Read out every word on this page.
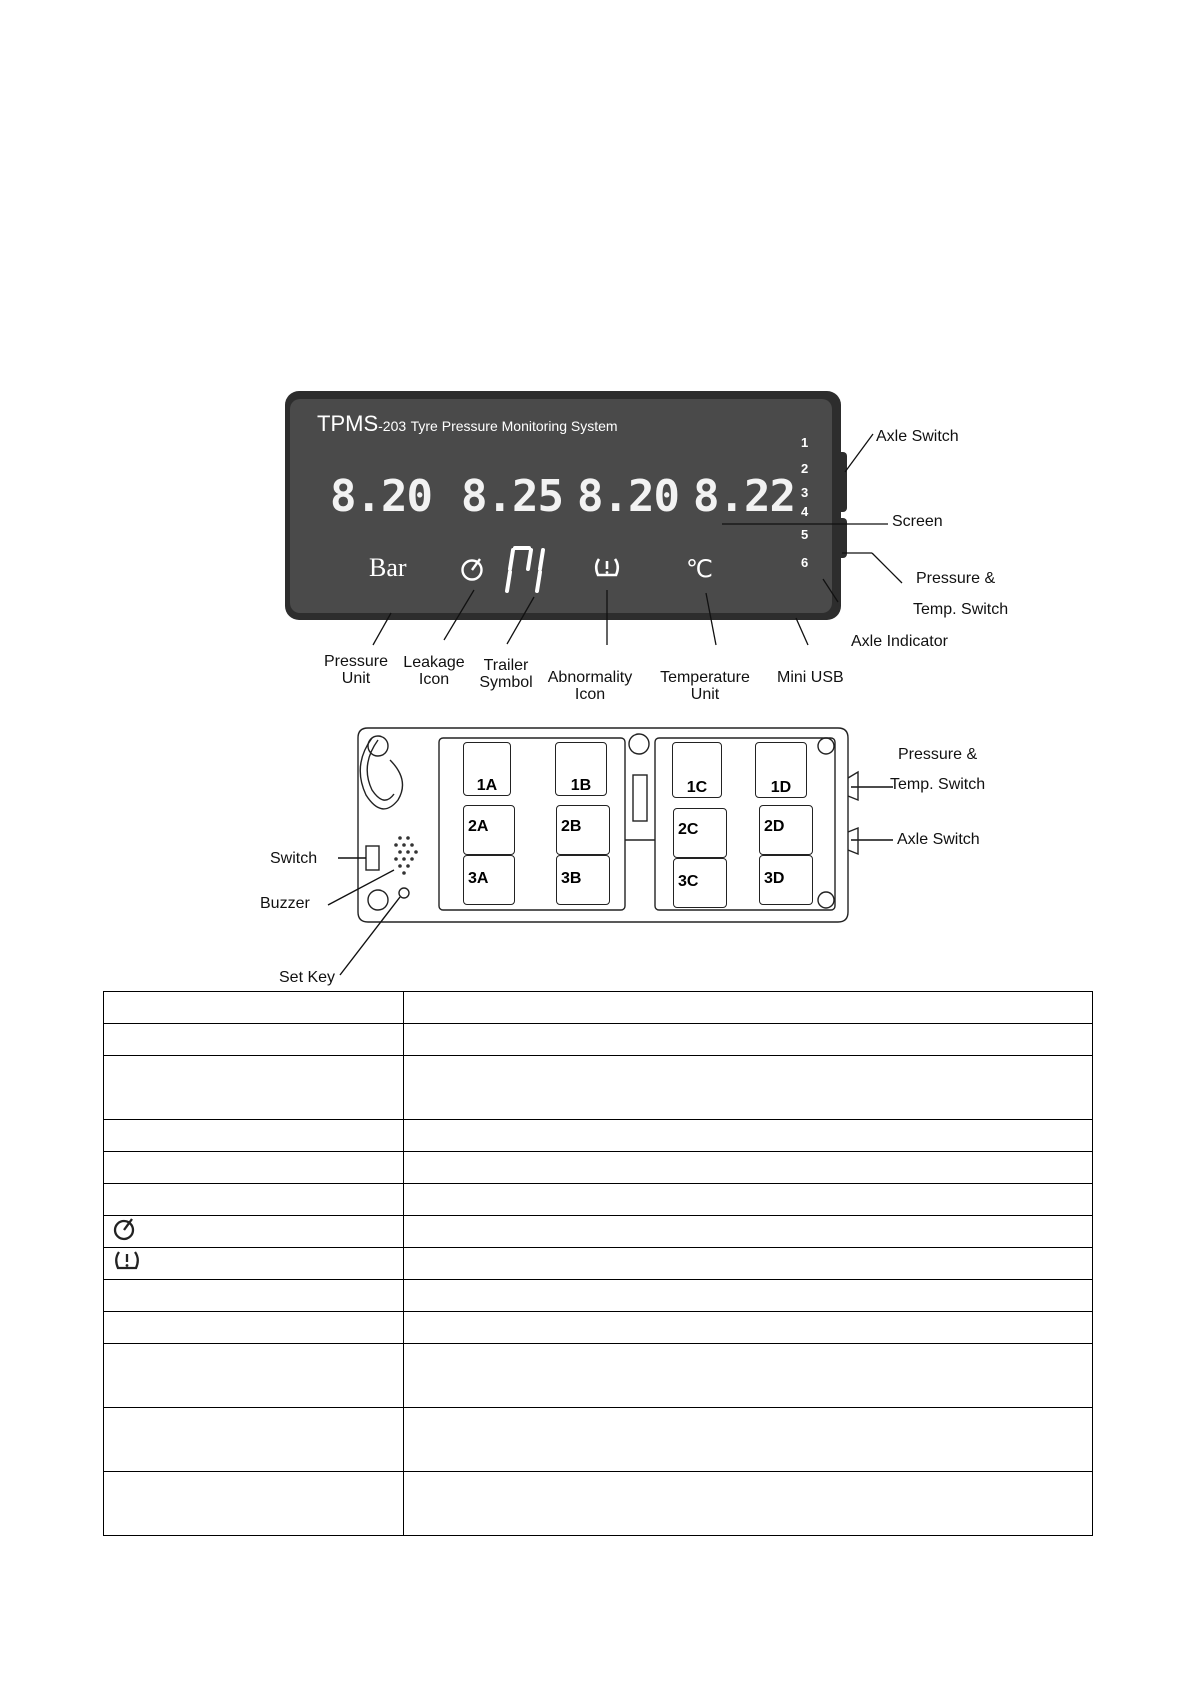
TPMS-203 Tyre Pressure Monitoring System
8.20 8.25 8.20 8.22
Bar	℃
1
2
3
4
5
6
Axle Switch
Screen
Pressure &
Temp. Switch
Axle Indicator
Pressure
Unit
Leakage
Icon
Trailer
Symbol Abnormality
Icon
Temperature
Unit
Mini USB
1A	1B	1C	1D
2A	2B	2C	2D
3A	3B	3C	3D
Pressure &
Temp. Switch
Axle Switch
Switch
Buzzer
Set Key
